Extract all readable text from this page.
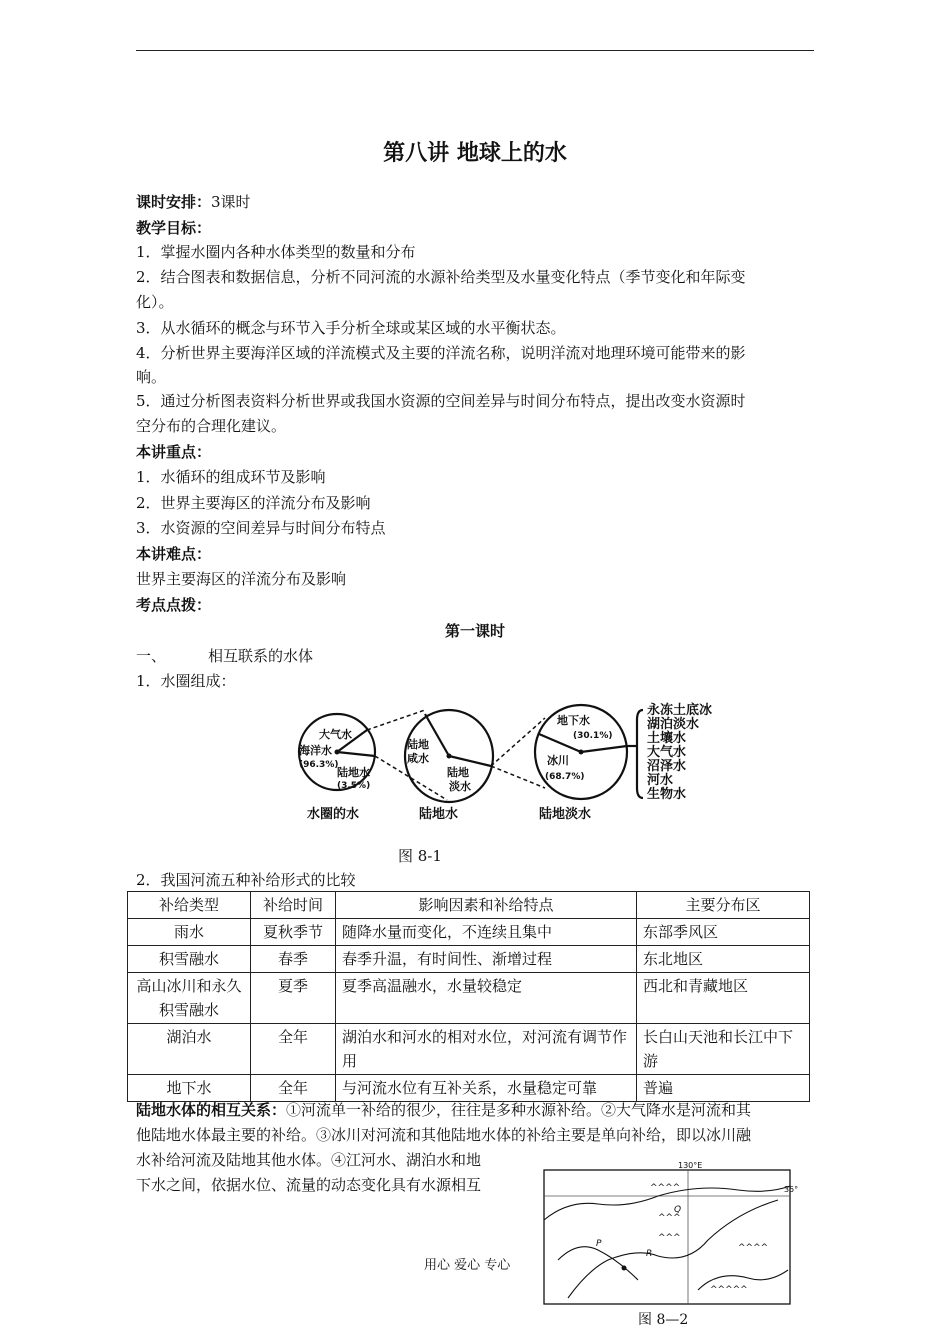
第八讲 地球上的水
课时安排：3课时
教学目标：
1．掌握水圈内各种水体类型的数量和分布
2．结合图表和数据信息，分析不同河流的水源补给类型及水量变化特点（季节变化和年际变
化）。
3．从水循环的概念与环节入手分析全球或某区域的水平衡状态。
4．分析世界主要海洋区域的洋流模式及主要的洋流名称，说明洋流对地理环境可能带来的影
响。
5．通过分析图表资料分析世界或我国水资源的空间差异与时间分布特点，提出改变水资源时
空分布的合理化建议。
本讲重点：
1．水循环的组成环节及影响
2．世界主要海区的洋流分布及影响
3．水资源的空间差异与时间分布特点
本讲难点：
世界主要海区的洋流分布及影响
考点点拨：
第一课时
一、	相互联系的水体
1．水圈组成：
大气水
海洋水
(96.3%)
陆地水
(3.5%)
陆地
咸水
陆地
淡水
地下水
(30.1%)
冰川
(68.7%)
永冻土底冰
湖泊淡水
土壤水
大气水
沼泽水
河水
生物水
水圈的水	陆地水	陆地淡水
图 8-1
2．我国河流五种补给形式的比较
补给类型	补给时间	影响因素和补给特点	主要分布区
雨水	夏秋季节	随降水量而变化，不连续且集中	东部季风区
积雪融水	春季	春季升温，有时间性、渐增过程	东北地区
高山冰川和永久积雪融水	夏季	夏季高温融水，水量较稳定	西北和青藏地区
湖泊水	全年	湖泊水和河水的相对水位，对河流有调节作用	长白山天池和长江中下游
地下水	全年	与河流水位有互补关系，水量稳定可靠	普遍
陆地水体的相互关系：①河流单一补给的很少，往往是多种水源补给。②大气降水是河流和其
他陆地水体最主要的补给。③冰川对河流和其他陆地水体的补给主要是单向补给，即以冰川融
水补给河流及陆地其他水体。④江河水、湖泊水和地
下水之间，依据水位、流量的动态变化具有水源相互
130°E
35°
^^^^
^^^
^^^
^^^^
^^^^^
P
Q
R
用心 爱心 专心
图 8—2
